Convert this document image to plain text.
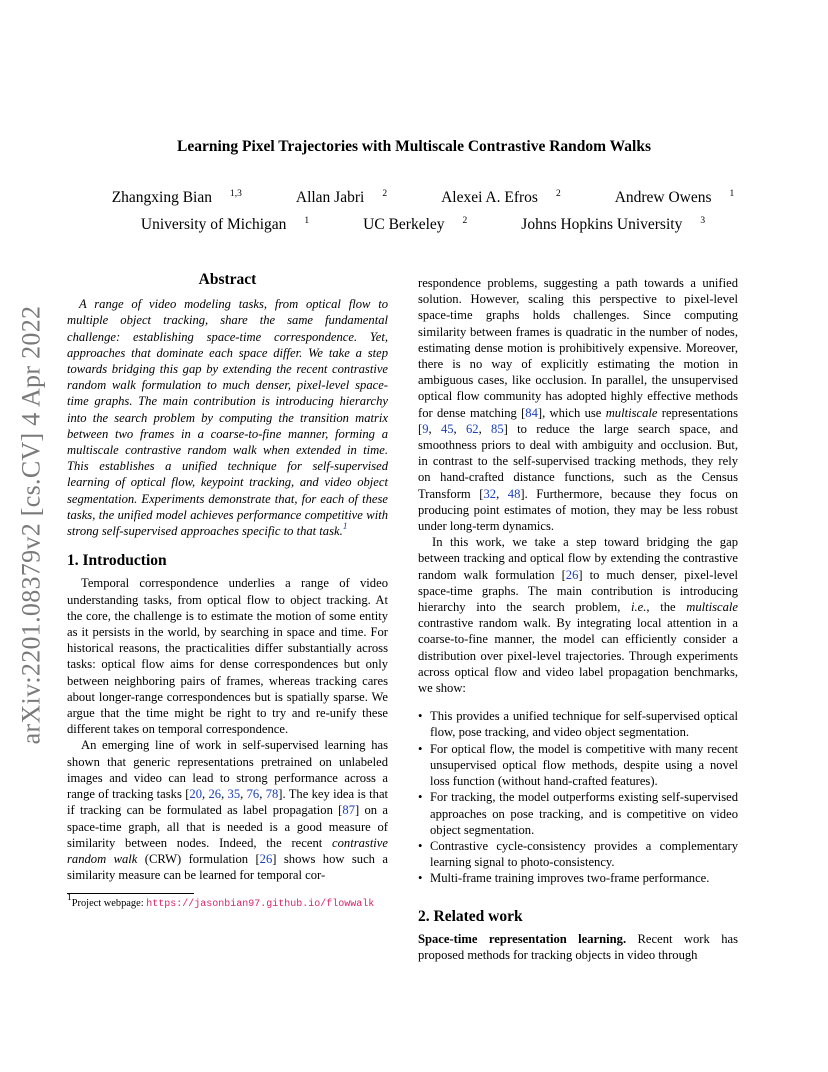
arXiv:2201.08379v2 [cs.CV] 4 Apr 2022
Learning Pixel Trajectories with Multiscale Contrastive Random Walks
Zhangxing Bian $^{1,3}$	Allan Jabri $^2$	Alexei A. Efros $^2$	Andrew Owens $^1$
University of Michigan $^1$	UC Berkeley $^2$	Johns Hopkins University $^3$
Abstract

A range of video modeling tasks, from optical flow to multiple object tracking, share the same fundamental challenge: establishing space-time correspondence. Yet, approaches that dominate each space differ. We take a step towards bridging this gap by extending the recent contrastive random walk formulation to much denser, pixel-level space-time graphs. The main contribution is introducing hierarchy into the search problem by computing the transition matrix between two frames in a coarse-to-fine manner, forming a multiscale contrastive random walk when extended in time. This establishes a unified technique for self-supervised learning of optical flow, keypoint tracking, and video object segmentation. Experiments demonstrate that, for each of these tasks, the unified model achieves performance competitive with strong self-supervised approaches specific to that task.$^1$

1. Introduction

Temporal correspondence underlies a range of video understanding tasks, from optical flow to object tracking. At the core, the challenge is to estimate the motion of some entity as it persists in the world, by searching in space and time. For historical reasons, the practicalities differ substantially across tasks: optical flow aims for dense correspondences but only between neighboring pairs of frames, whereas tracking cares about longer-range correspondences but is spatially sparse. We argue that the time might be right to try and re-unify these different takes on temporal correspondence.

An emerging line of work in self-supervised learning has shown that generic representations pretrained on unlabeled images and video can lead to strong performance across a range of tracking tasks [20, 26, 35, 76, 78]. The key idea is that if tracking can be formulated as label propagation [87] on a space-time graph, all that is needed is a good measure of similarity between nodes. Indeed, the recent contrastive random walk (CRW) formulation [26] shows how such a similarity measure can be learned for temporal cor-

$^1$Project webpage: https://jasonbian97.github.io/flowwalk

respondence problems, suggesting a path towards a unified solution. However, scaling this perspective to pixel-level space-time graphs holds challenges. Since computing similarity between frames is quadratic in the number of nodes, estimating dense motion is prohibitively expensive. Moreover, there is no way of explicitly estimating the motion in ambiguous cases, like occlusion. In parallel, the unsupervised optical flow community has adopted highly effective methods for dense matching [84], which use multiscale representations [9, 45, 62, 85] to reduce the large search space, and smoothness priors to deal with ambiguity and occlusion. But, in contrast to the self-supervised tracking methods, they rely on hand-crafted distance functions, such as the Census Transform [32, 48]. Furthermore, because they focus on producing point estimates of motion, they may be less robust under long-term dynamics.

In this work, we take a step toward bridging the gap between tracking and optical flow by extending the contrastive random walk formulation [26] to much denser, pixel-level space-time graphs. The main contribution is introducing hierarchy into the search problem, i.e., the multiscale contrastive random walk. By integrating local attention in a coarse-to-fine manner, the model can efficiently consider a distribution over pixel-level trajectories. Through experiments across optical flow and video label propagation benchmarks, we show:

• This provides a unified technique for self-supervised optical flow, pose tracking, and video object segmentation.
• For optical flow, the model is competitive with many recent unsupervised optical flow methods, despite using a novel loss function (without hand-crafted features).
• For tracking, the model outperforms existing self-supervised approaches on pose tracking, and is competitive on video object segmentation.
• Contrastive cycle-consistency provides a complementary learning signal to photo-consistency.
• Multi-frame training improves two-frame performance.
2. Related work

Space-time representation learning. Recent work has proposed methods for tracking objects in video through
